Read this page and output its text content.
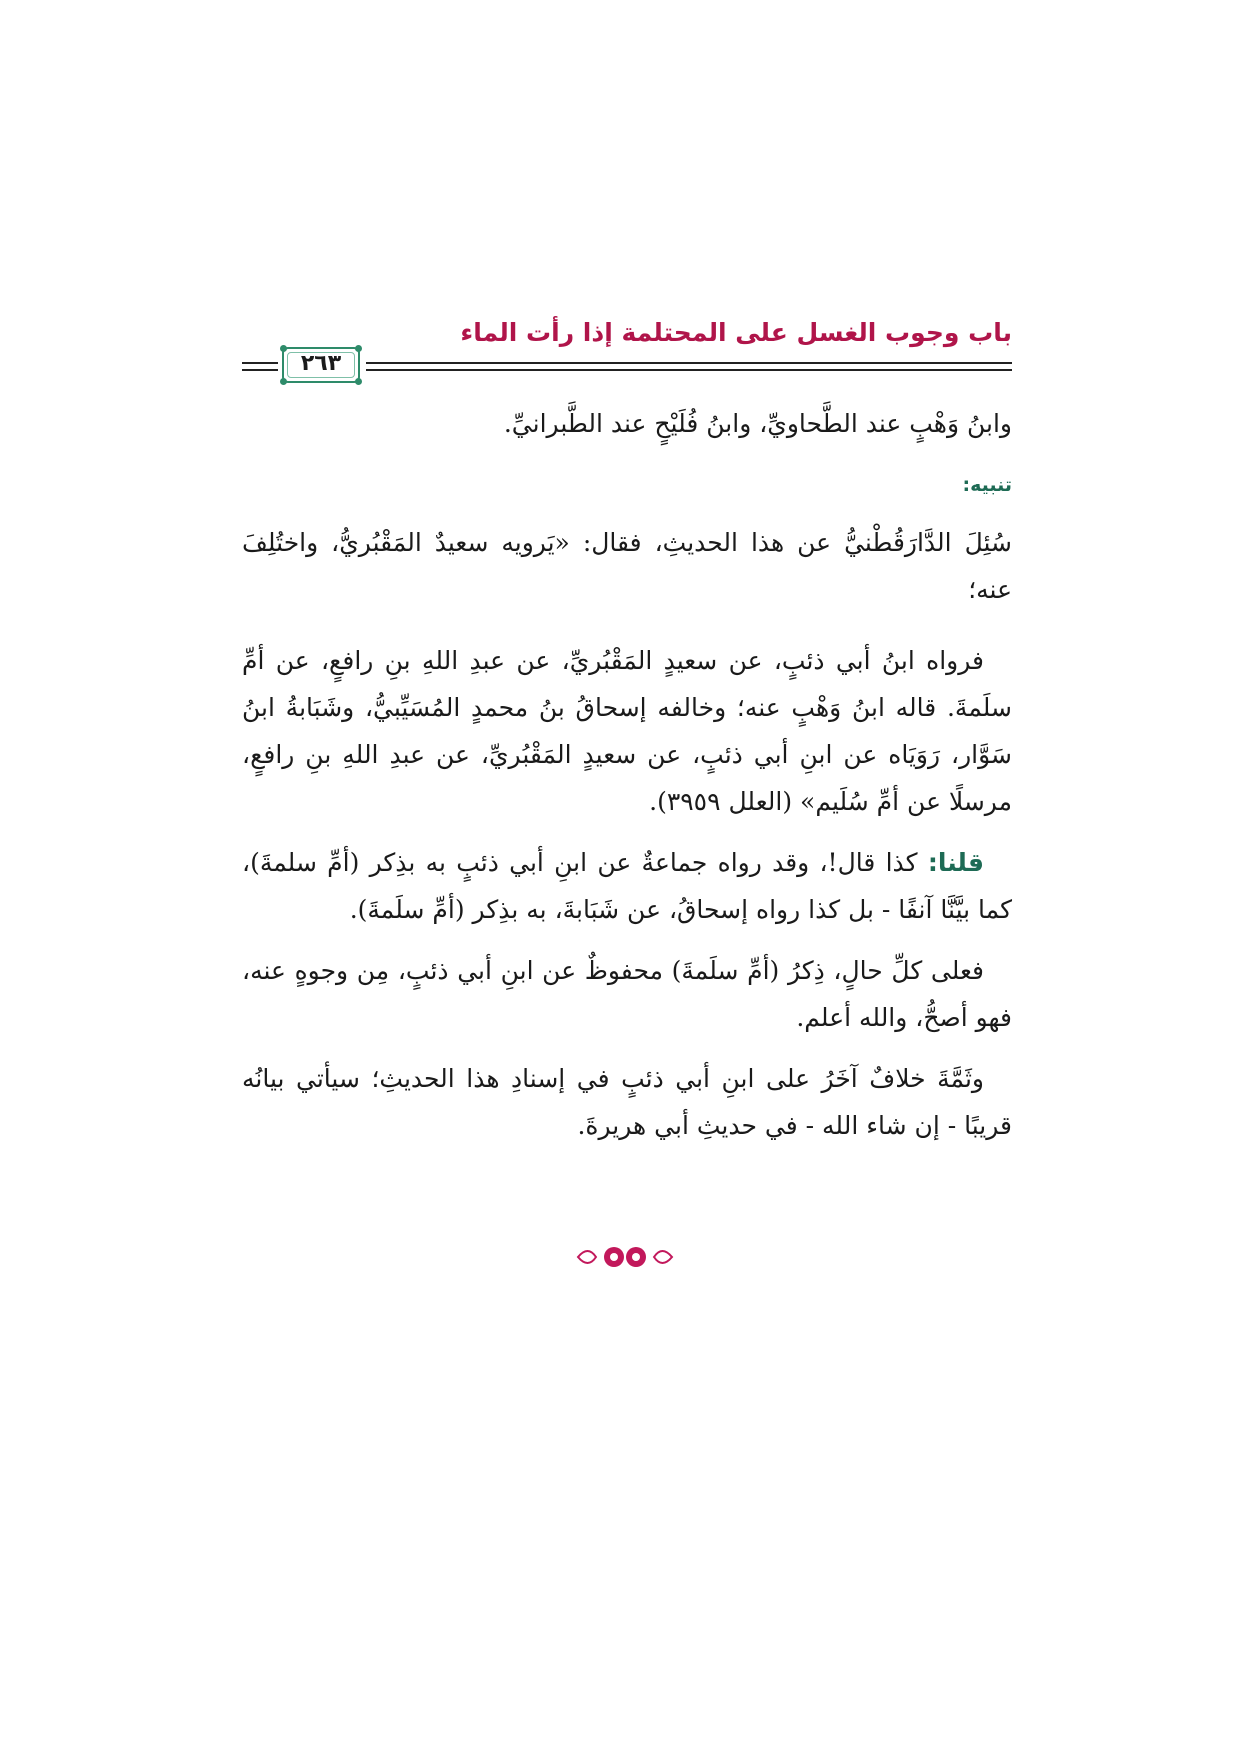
باب وجوب الغسل على المحتلمة إذا رأت الماء
٢٦٣

وابنُ وَهْبٍ عند الطَّحاويِّ، وابنُ فُلَيْحٍ عند الطَّبرانيِّ.

تنبيه:

سُئِلَ الدَّارَقُطْنيُّ عن هذا الحديثِ، فقال: «يَرويه سعيدٌ المَقْبُريُّ، واختُلِفَ عنه؛

فرواه ابنُ أبي ذئبٍ، عن سعيدٍ المَقْبُريِّ، عن عبدِ اللهِ بنِ رافعٍ، عن أمِّ سلَمةَ. قاله ابنُ وَهْبٍ عنه؛ وخالفه إسحاقُ بنُ محمدٍ المُسَيِّبيُّ، وشَبَابةُ ابنُ سَوَّار، رَوَيَاه عن ابنِ أبي ذئبٍ، عن سعيدٍ المَقْبُريِّ، عن عبدِ اللهِ بنِ رافعٍ، مرسلًا عن أمِّ سُلَيم» (العلل ٣٩٥٩).

قلنا: كذا قال!، وقد رواه جماعةٌ عن ابنِ أبي ذئبٍ به بذِكر (أمِّ سلمةَ)، كما بيَّنَّا آنفًا - بل كذا رواه إسحاقُ، عن شَبَابةَ، به بذِكر (أمِّ سلَمةَ).

فعلى كلِّ حالٍ، ذِكرُ (أمِّ سلَمةَ) محفوظٌ عن ابنِ أبي ذئبٍ، مِن وجوهٍ عنه، فهو أصحُّ، والله أعلم.

وثَمَّةَ خلافٌ آخَرُ على ابنِ أبي ذئبٍ في إسنادِ هذا الحديثِ؛ سيأتي بيانُه قريبًا - إن شاء الله - في حديثِ أبي هريرةَ.
